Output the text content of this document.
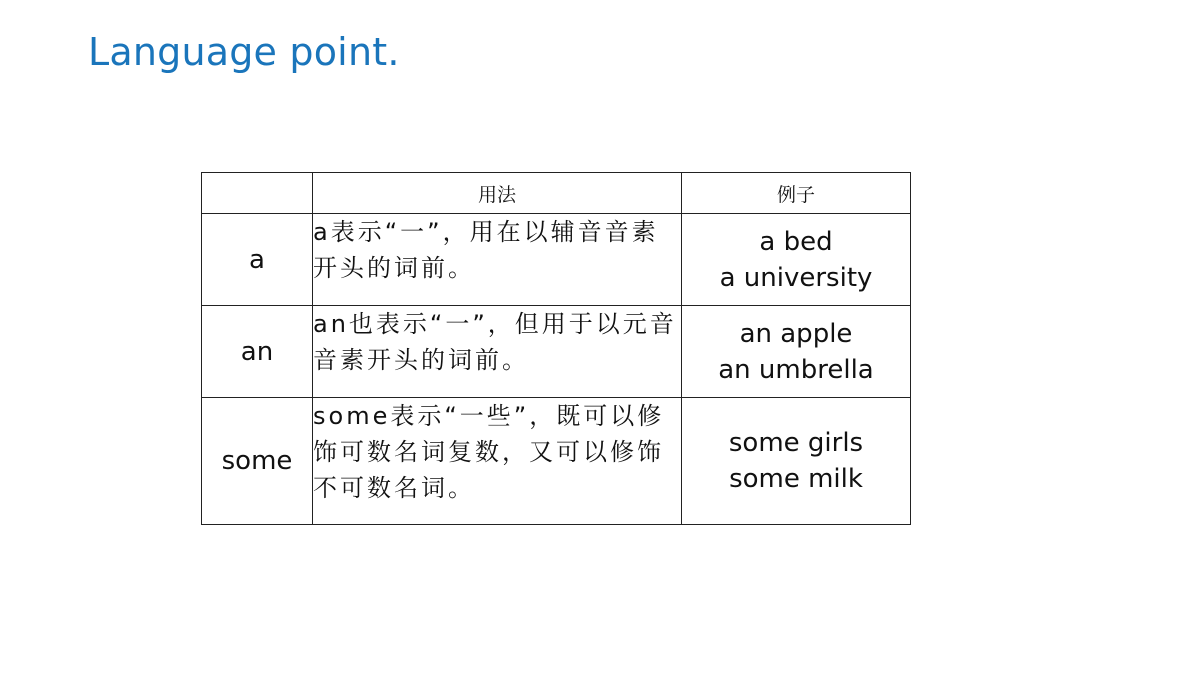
Language point.
	用法	例子
a	a表示“一”，用在以辅音音素开头的词前。	a bed
a university

an	an也表示“一”，但用于以元音音素开头的词前。	an apple
an umbrella

some	some表示“一些”，既可以修饰可数名词复数，又可以修饰不可数名词。	some girls
some milk
